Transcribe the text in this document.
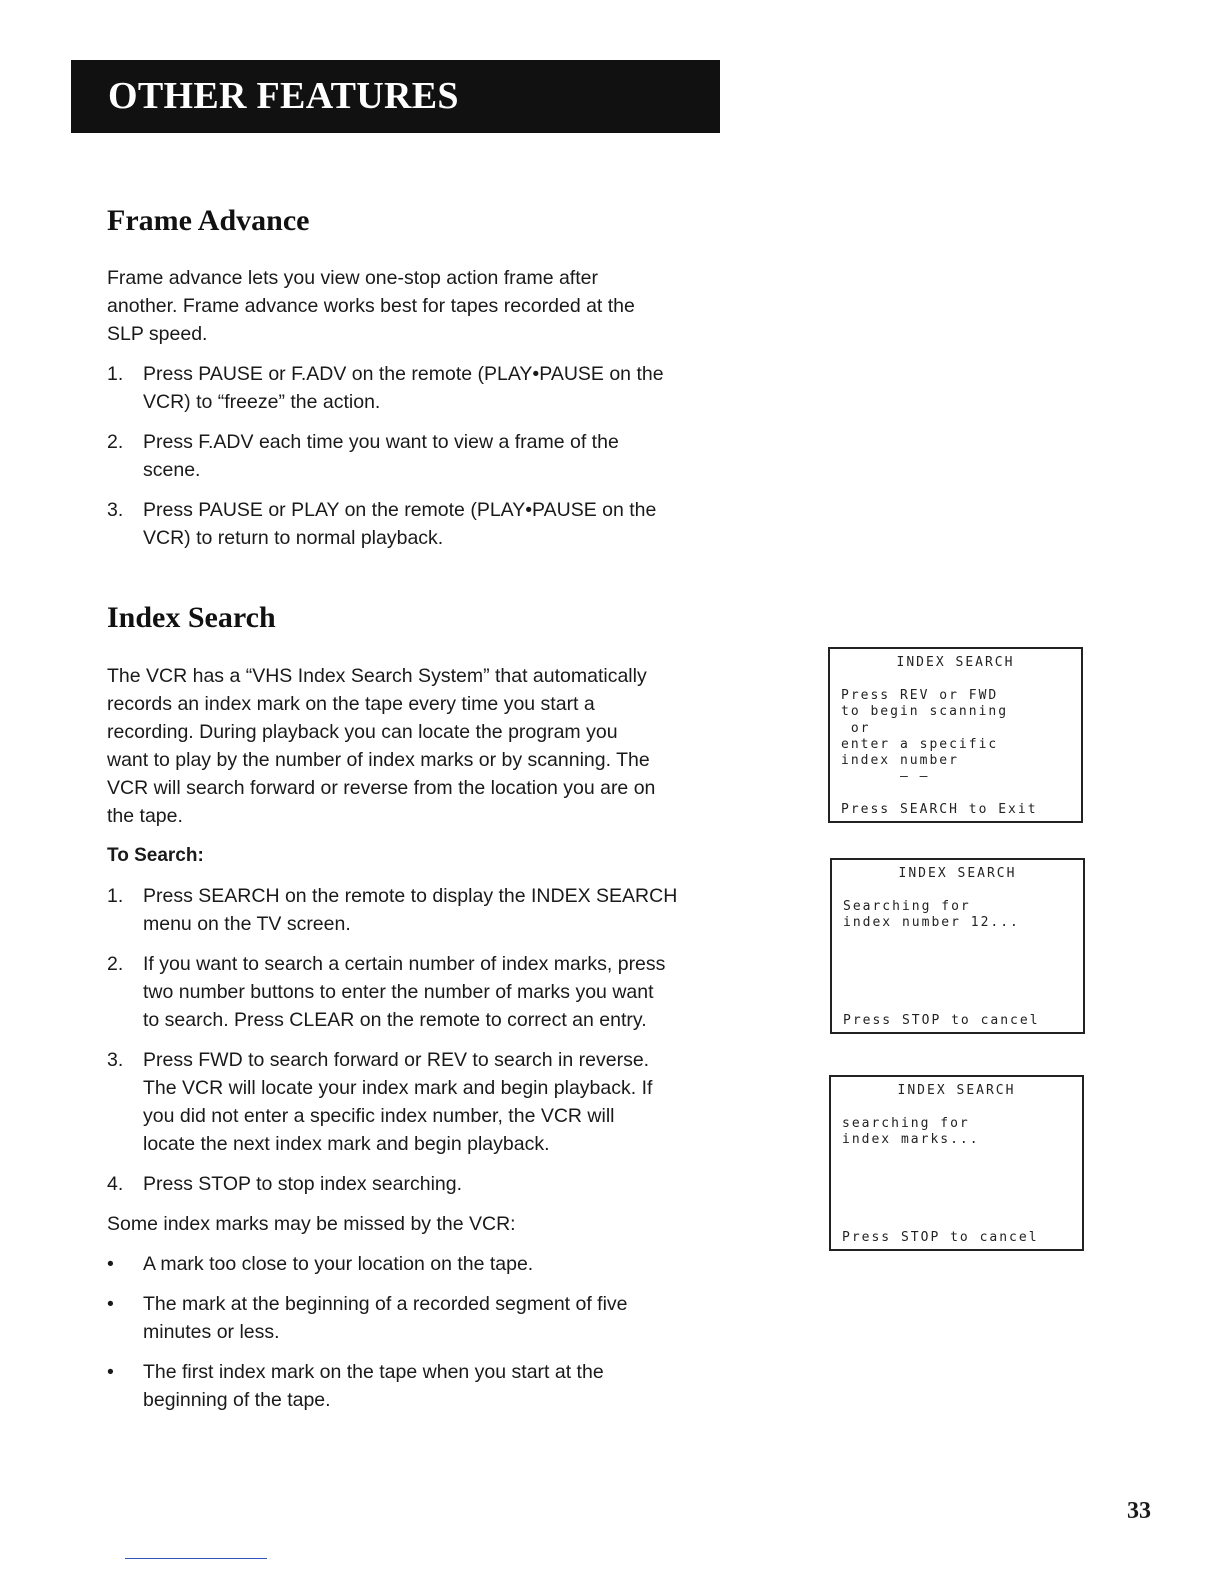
OTHER FEATURES
Frame Advance

Frame advance lets you view one-stop action frame after
another. Frame advance works best for tapes recorded at the
SLP speed.

1. Press PAUSE or F.ADV on the remote (PLAY•PAUSE on the
VCR) to “freeze” the action.
2. Press F.ADV each time you want to view a frame of the
scene.
3. Press PAUSE or PLAY on the remote (PLAY•PAUSE on the
VCR) to return to normal playback.
Index Search

The VCR has a “VHS Index Search System” that automatically
records an index mark on the tape every time you start a
recording. During playback you can locate the program you
want to play by the number of index marks or by scanning. The
VCR will search forward or reverse from the location you are on
the tape.

To Search:

1. Press SEARCH on the remote to display the INDEX SEARCH
menu on the TV screen.
2. If you want to search a certain number of index marks, press
two number buttons to enter the number of marks you want
to search. Press CLEAR on the remote to correct an entry.
3. Press FWD to search forward or REV to search in reverse.
The VCR will locate your index mark and begin playback. If
you did not enter a specific index number, the VCR will
locate the next index mark and begin playback.
4. Press STOP to stop index searching.

Some index marks may be missed by the VCR:

• A mark too close to your location on the tape.
• The mark at the beginning of a recorded segment of five
minutes or less.
• The first index mark on the tape when you start at the
beginning of the tape.
INDEX SEARCH
Press REV or FWD
to begin scanning
or
enter a specific
index number
– –
Press SEARCH to Exit
INDEX SEARCH
Searching for
index number 12...
Press STOP to cancel
INDEX SEARCH
searching for
index marks...
Press STOP to cancel

33
